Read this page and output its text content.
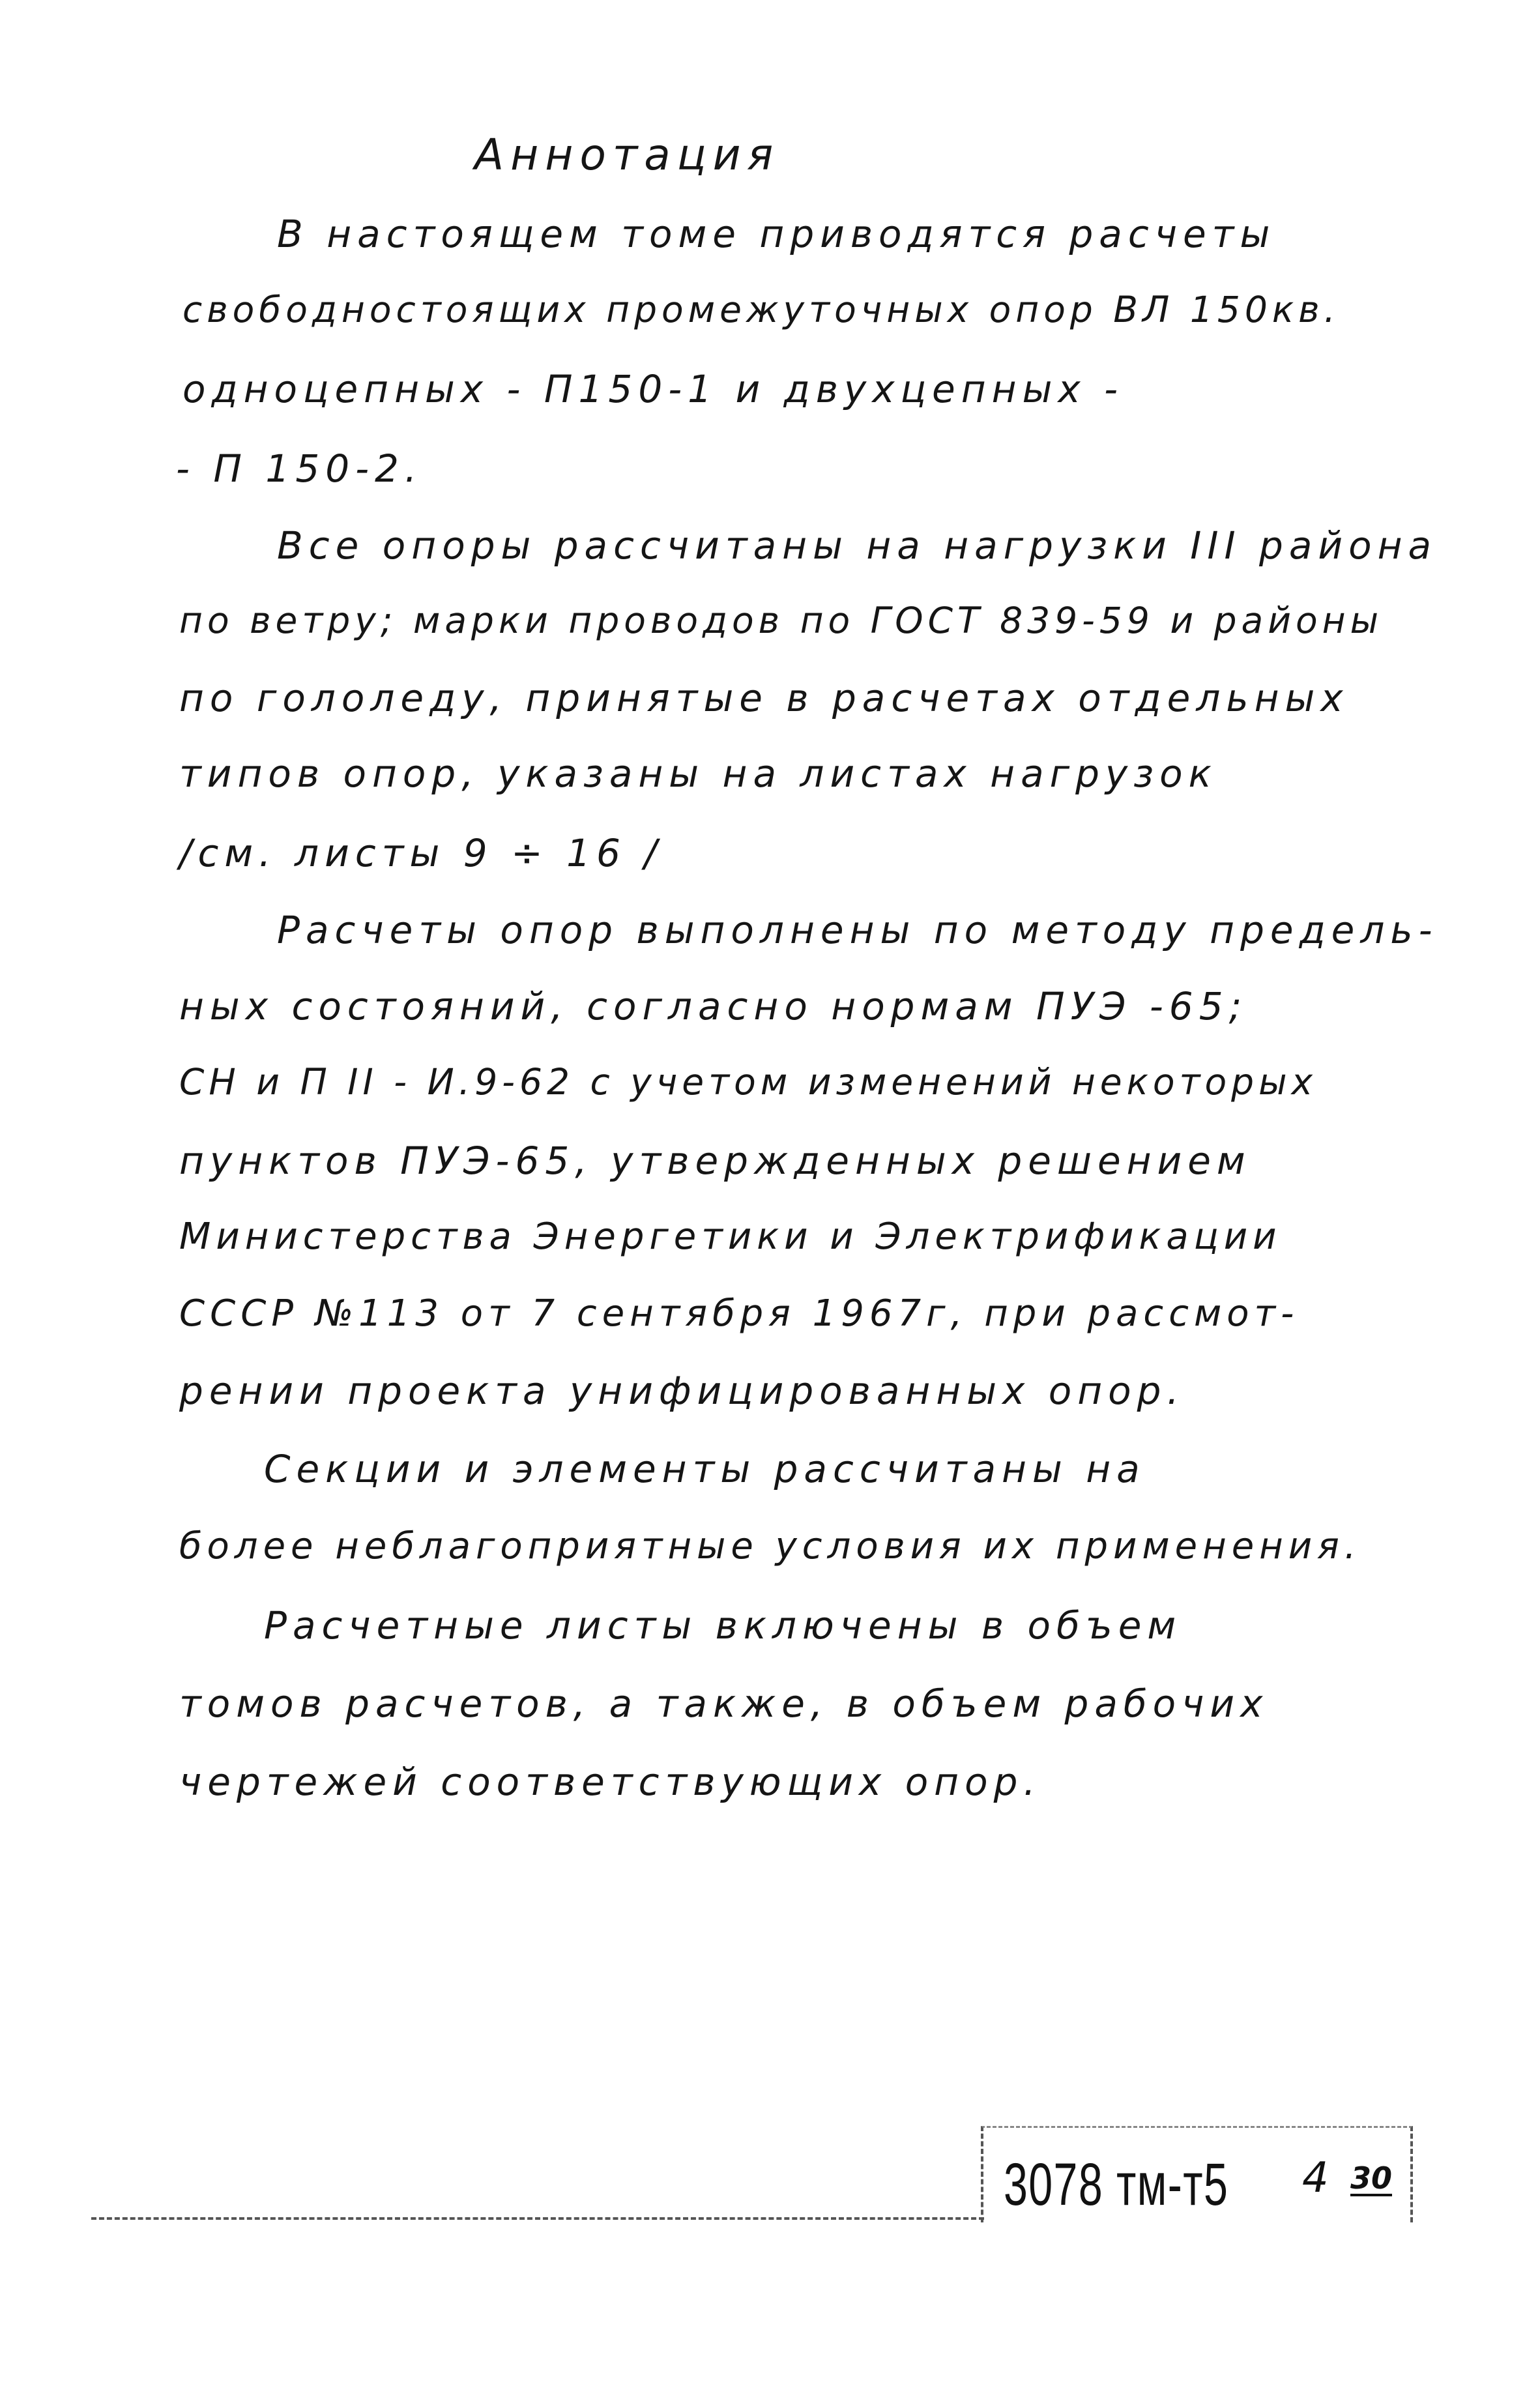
Аннотация
В настоящем томе приводятся расчеты
свободностоящих промежуточных опор ВЛ 150кв.
одноцепных - П150-1 и двухцепных -
- П 150-2.
Все опоры рассчитаны на нагрузки III района
по ветру; марки проводов по ГОСТ 839-59 и районы
по гололеду, принятые в расчетах отдельных
типов опор, указаны на листах нагрузок
/см. листы 9 ÷ 16 /
Расчеты опор выполнены по методу предель-
ных состояний, согласно нормам ПУЭ -65;
СН и П II - И.9-62 с учетом изменений некоторых
пунктов ПУЭ-65, утвержденных решением
Министерства Энергетики и Электрификации
СССР №113 от 7 сентября 1967г, при рассмот-
рении проекта унифицированных опор.
Секции и элементы рассчитаны на
более неблагоприятные условия их применения.
Расчетные листы включены в объем
томов расчетов, а также, в объем рабочих
чертежей соответствующих опор.
3078 тм-т5 4 30
